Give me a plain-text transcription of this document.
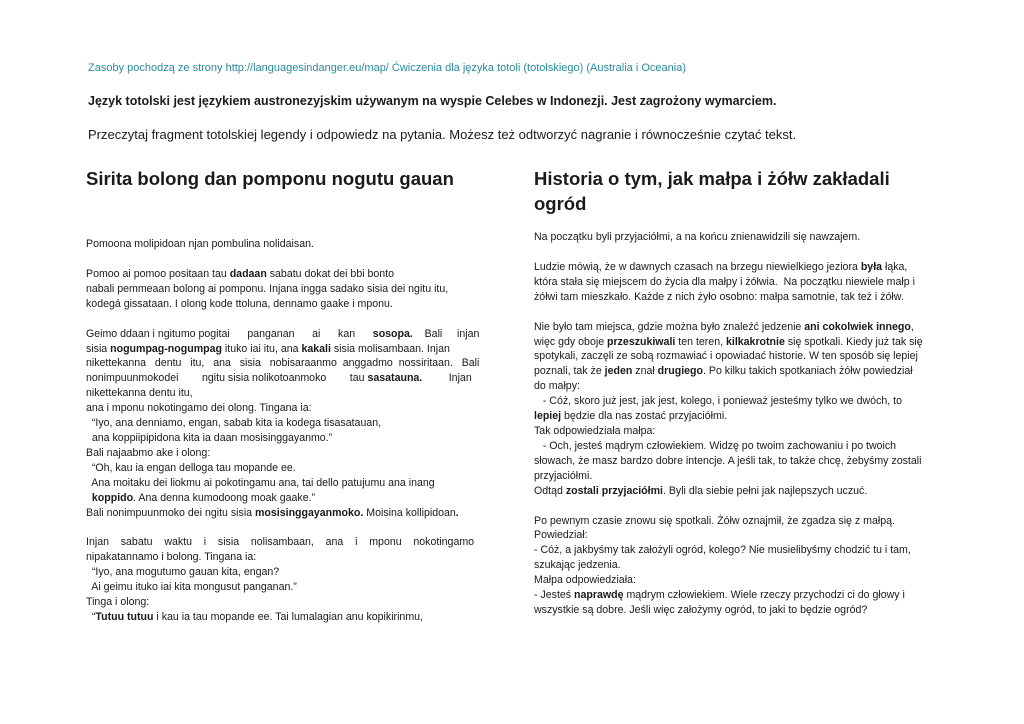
Zasoby pochodzą ze strony http://languagesindanger.eu/map/ Ćwiczenia dla języka totoli (totolskiego) (Australia i Oceania)
Język totolski jest językiem austronezyjskim używanym na wyspie Celebes w Indonezji. Jest zagrożony wymarciem.
Przeczytaj fragment totolskiej legendy i odpowiedz na pytania. Możesz też odtworzyć nagranie i równocześnie czytać tekst.
Sirita bolong dan pomponu nogutu gauan

Pomoona molipidoan njan pombulina nolidaisan.

Pomoo ai pomoo positaan tau dadaan sabatu dokat dei bbi bonto
nabali pemmeaan bolong ai pomponu. Injana ingga sadako sisia dei ngitu itu,
kodegá gissataan. I olong kode ttoluna, dennamo gaake i mponu.
Geimo ddaan i ngitumo pogitai      panganan      ai      kan      sosopa.    Bali     injan
sisia nogumpag-nogumpag ituko iai itu, ana kakali sisia molisambaan. Injan
nikettekanna   dentu   itu,   ana   sisia   nobisaraanmo  anggadmo  nossiritaan.   Bali
nonimpuunmokodei        ngitu sisia nolikotoanmoko        tau sasatauna.         Injan
nikettekanna dentu itu,
ana i mponu nokotingamo dei olong. Tingana ia:
“Iyo, ana denniamo, engan, sabab kita ia kodega tisasatauan,
ana koppiipipidona kita ia daan mosisinggayanmo.”
Bali najaabmo ake i olong:
“Oh, kau ia engan delloga tau mopande ee.
Ana moitaku dei liokmu ai pokotingamu ana, tai dello patujumu ana inang
koppido. Ana denna kumodoong moak gaake.”
Bali nonimpuunmoko dei ngitu sisia mosisinggayanmoko. Moisina kollipidoan.
Injan    sabatu    waktu    i    sisia    nolisambaan,    ana    i    mponu    nokotingamo
nipakatannamo i bolong. Tingana ia:
“Iyo, ana mogutumo gauan kita, engan?
Ai geimu ituko iai kita mongusut panganan.”
Tinga i olong:
“Tutuu tutuu i kau ia tau mopande ee. Tai lumalagian anu kopikirinmu,
Historia o tym, jak małpa i żółw zakładali ogród

Na początku byli przyjaciółmi, a na końcu znienawidzili się nawzajem.

Ludzie mówią, że w dawnych czasach na brzegu niewielkiego jeziora była łąka,
która stała się miejscem do życia dla małpy i żółwia.  Na początku niewiele małp i
żółwi tam mieszkało. Każde z nich żyło osobno: małpa samotnie, tak też i żółw.
Nie było tam miejsca, gdzie można było znaleźć jedzenie ani cokolwiek innego,
więc gdy oboje przeszukiwali ten teren, kilkakrotnie się spotkali. Kiedy już tak się
spotykali, zaczęli ze sobą rozmawiać i opowiadać historie. W ten sposób się lepiej
poznali, tak że jeden znał drugiego. Po kilku takich spotkaniach żółw powiedział
do małpy:
- Cóż, skoro już jest, jak jest, kolego, i ponieważ jesteśmy tylko we dwóch, to
lepiej będzie dla nas zostać przyjaciółmi.
Tak odpowiedziała małpa:
- Och, jesteś mądrym człowiekiem. Widzę po twoim zachowaniu i po twoich
słowach, że masz bardzo dobre intencje. A jeśli tak, to także chcę, żebyśmy zostali
przyjaciółmi.
Odtąd zostali przyjaciółmi. Byli dla siebie pełni jak najlepszych uczuć.
Po pewnym czasie znowu się spotkali. Żółw oznajmił, że zgadza się z małpą.
Powiedział:
- Cóż, a jakbyśmy tak założyli ogród, kolego? Nie musielibyśmy chodzić tu i tam,
szukając jedzenia.
Małpa odpowiedziała:
- Jesteś naprawdę mądrym człowiekiem. Wiele rzeczy przychodzi ci do głowy i
wszystkie są dobre. Jeśli więc założymy ogród, to jaki to będzie ogród?
